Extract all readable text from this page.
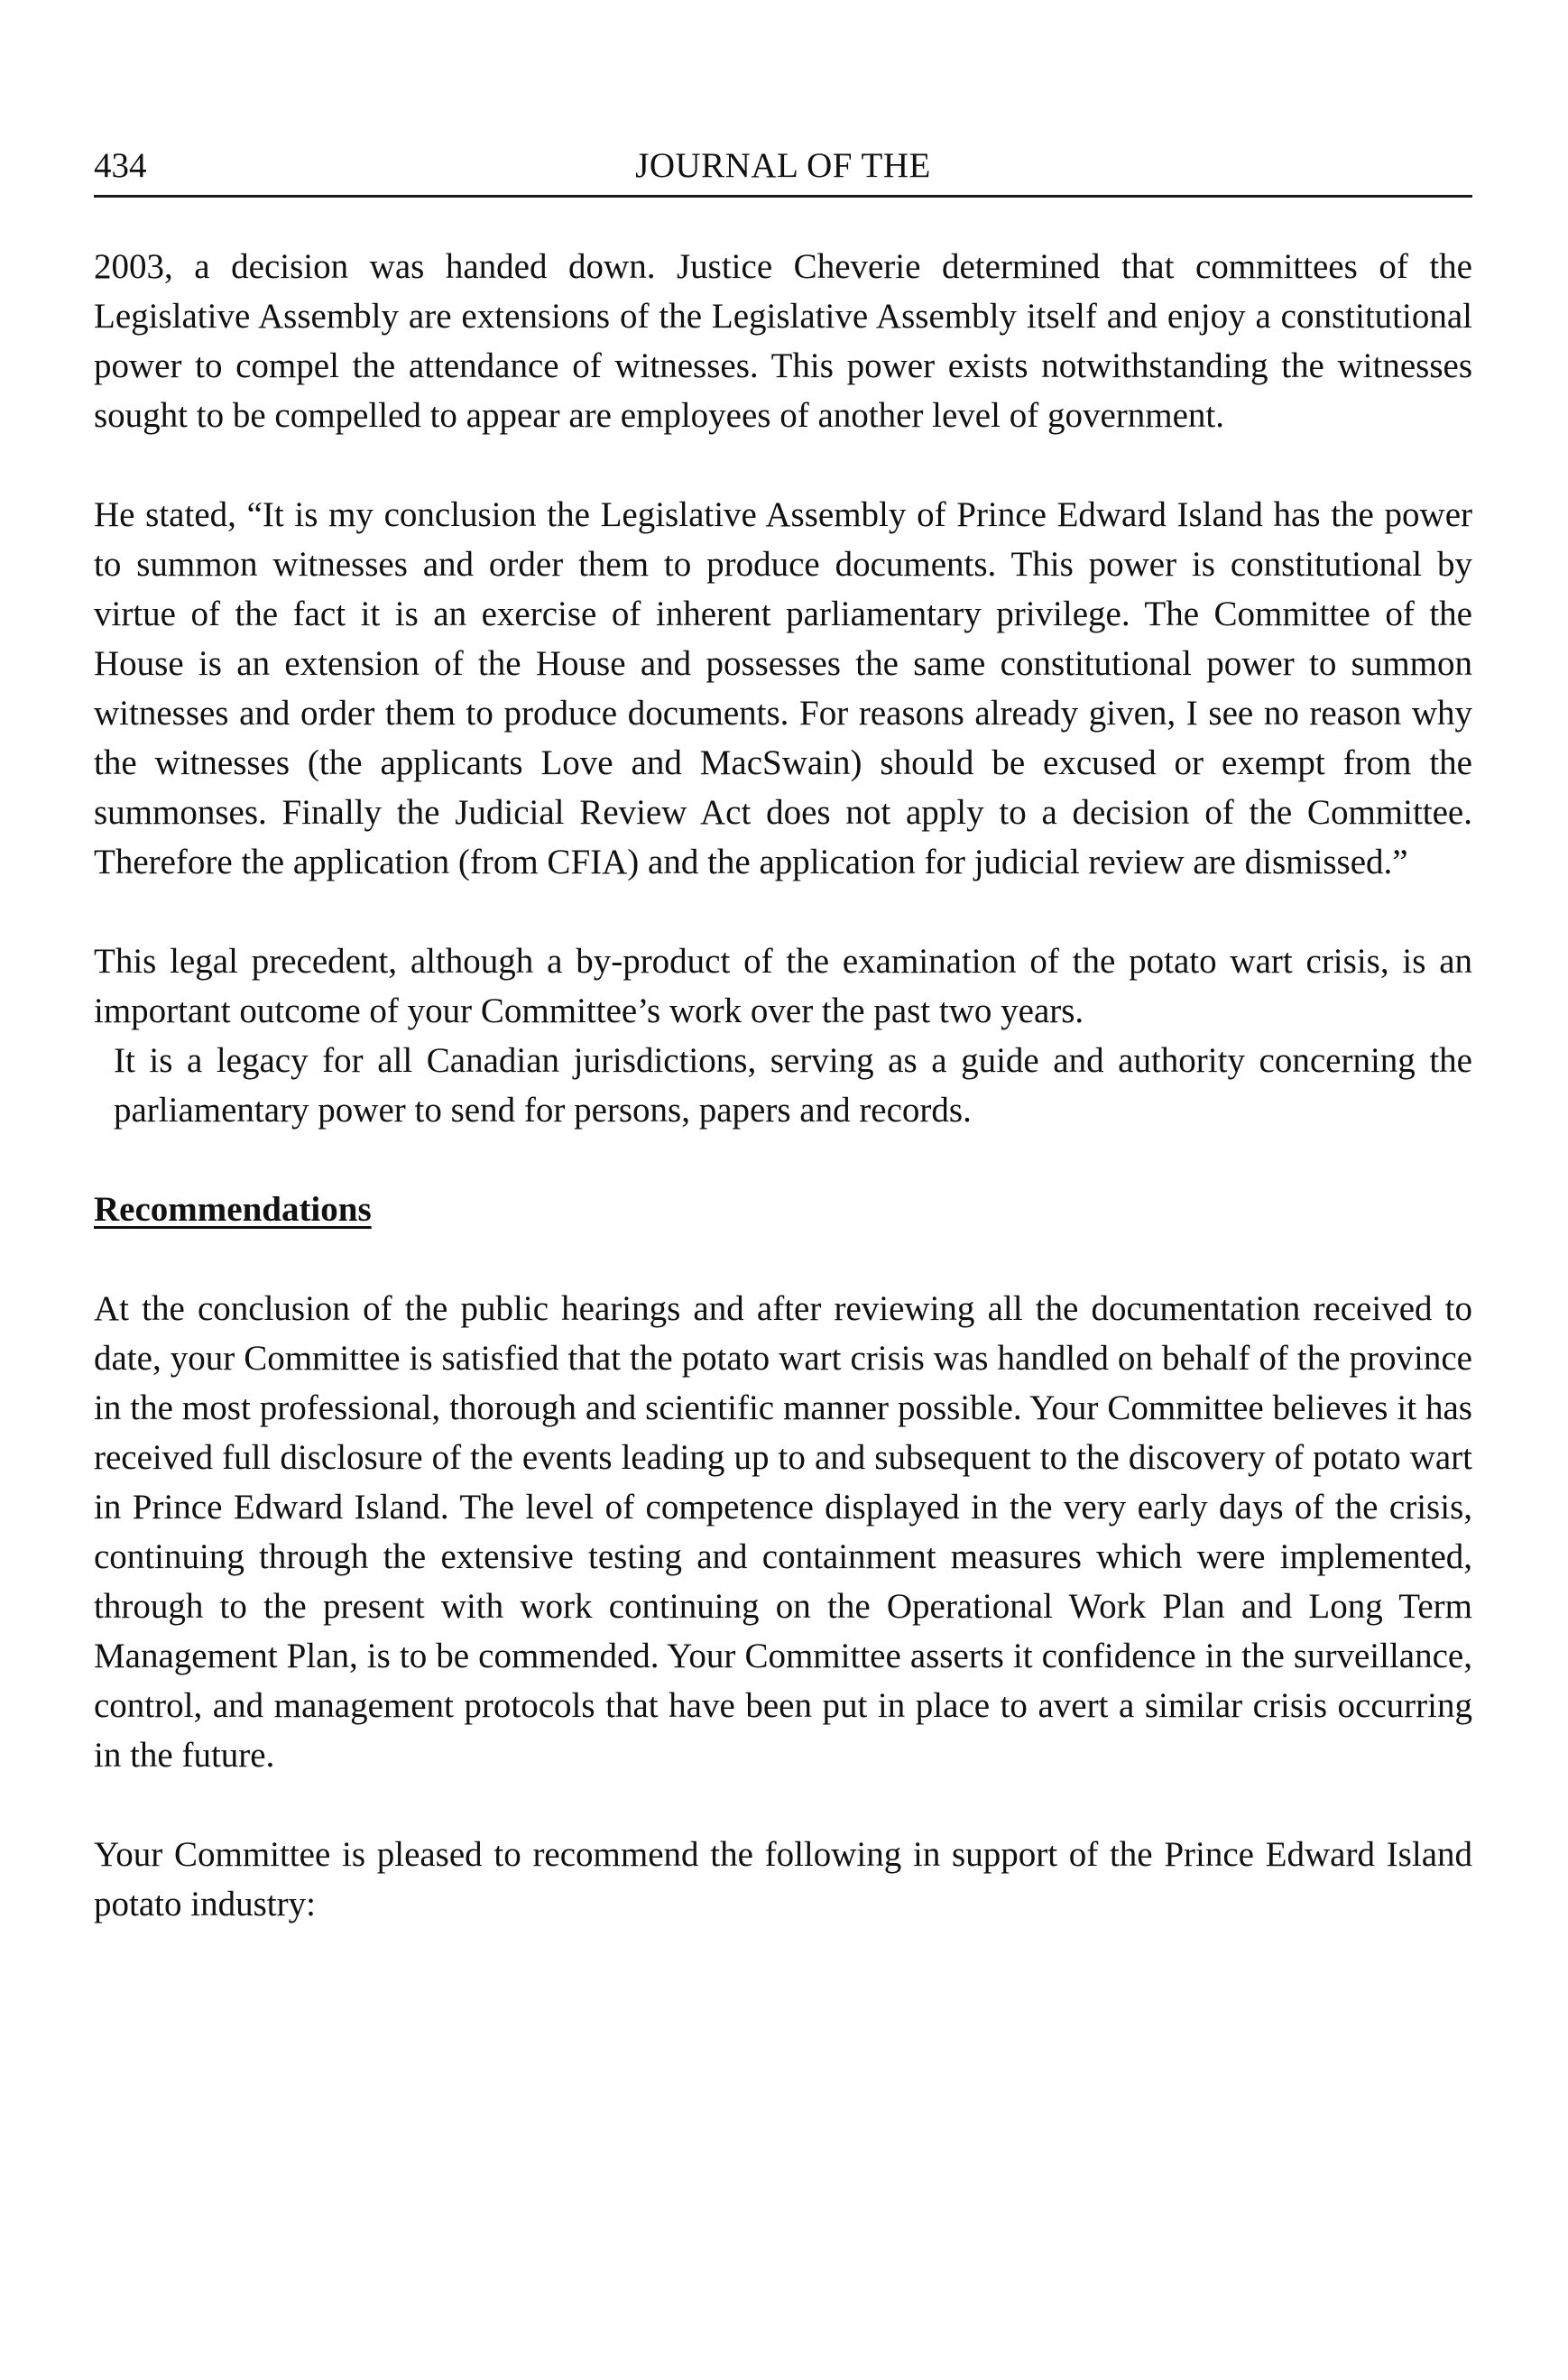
434	JOURNAL OF THE

2003, a decision was handed down. Justice Cheverie determined that committees of the Legislative Assembly are extensions of the Legislative Assembly itself and enjoy a constitutional power to compel the attendance of witnesses. This power exists notwithstanding the witnesses sought to be compelled to appear are employees of another level of government.

He stated, “It is my conclusion the Legislative Assembly of Prince Edward Island has the power to summon witnesses and order them to produce documents. This power is constitutional by virtue of the fact it is an exercise of inherent parliamentary privilege. The Committee of the House is an extension of the House and possesses the same constitutional power to summon witnesses and order them to produce documents. For reasons already given, I see no reason why the witnesses (the applicants Love and MacSwain) should be excused or exempt from the summonses. Finally the Judicial Review Act does not apply to a decision of the Committee. Therefore the application (from CFIA) and the application for judicial review are dismissed.”

This legal precedent, although a by-product of the examination of the potato wart crisis, is an important outcome of your Committee’s work over the past two years.

It is a legacy for all Canadian jurisdictions, serving as a guide and authority concerning the parliamentary power to send for persons, papers and records.

Recommendations

At the conclusion of the public hearings and after reviewing all the documentation received to date, your Committee is satisfied that the potato wart crisis was handled on behalf of the province in the most professional, thorough and scientific manner possible. Your Committee believes it has received full disclosure of the events leading up to and subsequent to the discovery of potato wart in Prince Edward Island. The level of competence displayed in the very early days of the crisis, continuing through the extensive testing and containment measures which were implemented, through to the present with work continuing on the Operational Work Plan and Long Term Management Plan, is to be commended. Your Committee asserts it confidence in the surveillance, control, and management protocols that have been put in place to avert a similar crisis occurring in the future.

Your Committee is pleased to recommend the following in support of the Prince Edward Island potato industry:
